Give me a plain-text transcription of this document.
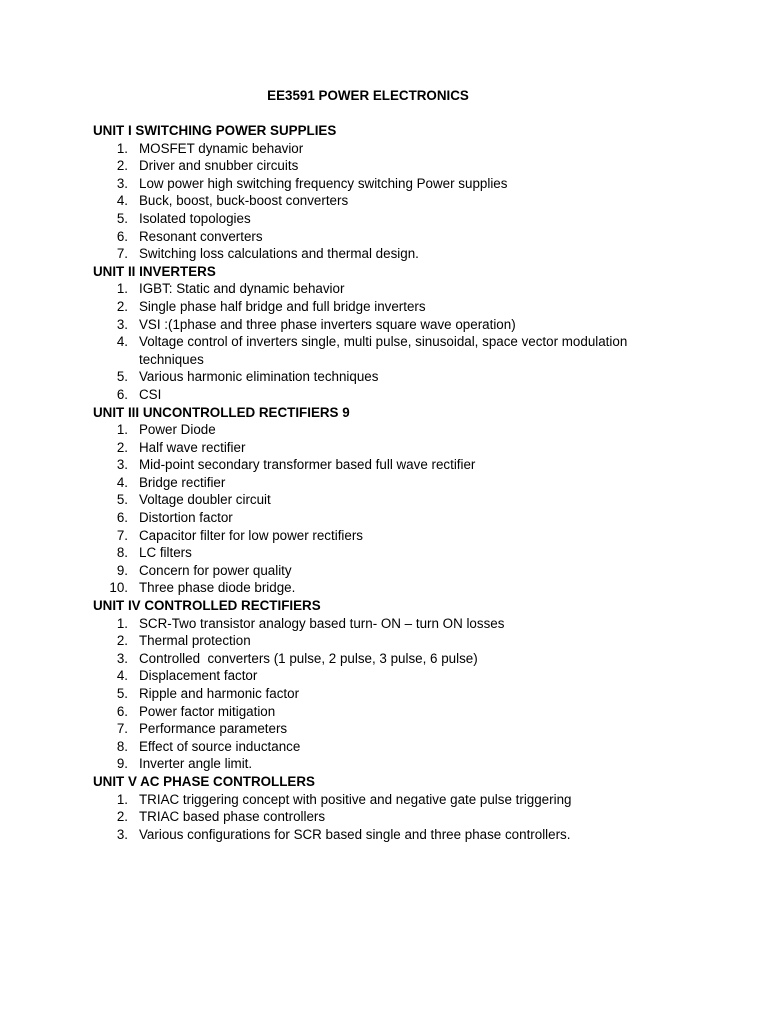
EE3591 POWER ELECTRONICS
UNIT I SWITCHING POWER SUPPLIES
1. MOSFET dynamic behavior
2. Driver and snubber circuits
3. Low power high switching frequency switching Power supplies
4. Buck, boost, buck-boost converters
5. Isolated topologies
6. Resonant converters
7. Switching loss calculations and thermal design.
UNIT II INVERTERS
1. IGBT: Static and dynamic behavior
2. Single phase half bridge and full bridge inverters
3. VSI :(1phase and three phase inverters square wave operation)
4. Voltage control of inverters single, multi pulse, sinusoidal, space vector modulation techniques
5. Various harmonic elimination techniques
6. CSI
UNIT III UNCONTROLLED RECTIFIERS 9
1. Power Diode
2. Half wave rectifier
3. Mid-point secondary transformer based full wave rectifier
4. Bridge rectifier
5. Voltage doubler circuit
6. Distortion factor
7. Capacitor filter for low power rectifiers
8. LC filters
9. Concern for power quality
10. Three phase diode bridge.
UNIT IV CONTROLLED RECTIFIERS
1. SCR-Two transistor analogy based turn- ON – turn ON losses
2. Thermal protection
3. Controlled  converters (1 pulse, 2 pulse, 3 pulse, 6 pulse)
4. Displacement factor
5. Ripple and harmonic factor
6. Power factor mitigation
7. Performance parameters
8. Effect of source inductance
9. Inverter angle limit.
UNIT V AC PHASE CONTROLLERS
1. TRIAC triggering concept with positive and negative gate pulse triggering
2. TRIAC based phase controllers
3. Various configurations for SCR based single and three phase controllers.
